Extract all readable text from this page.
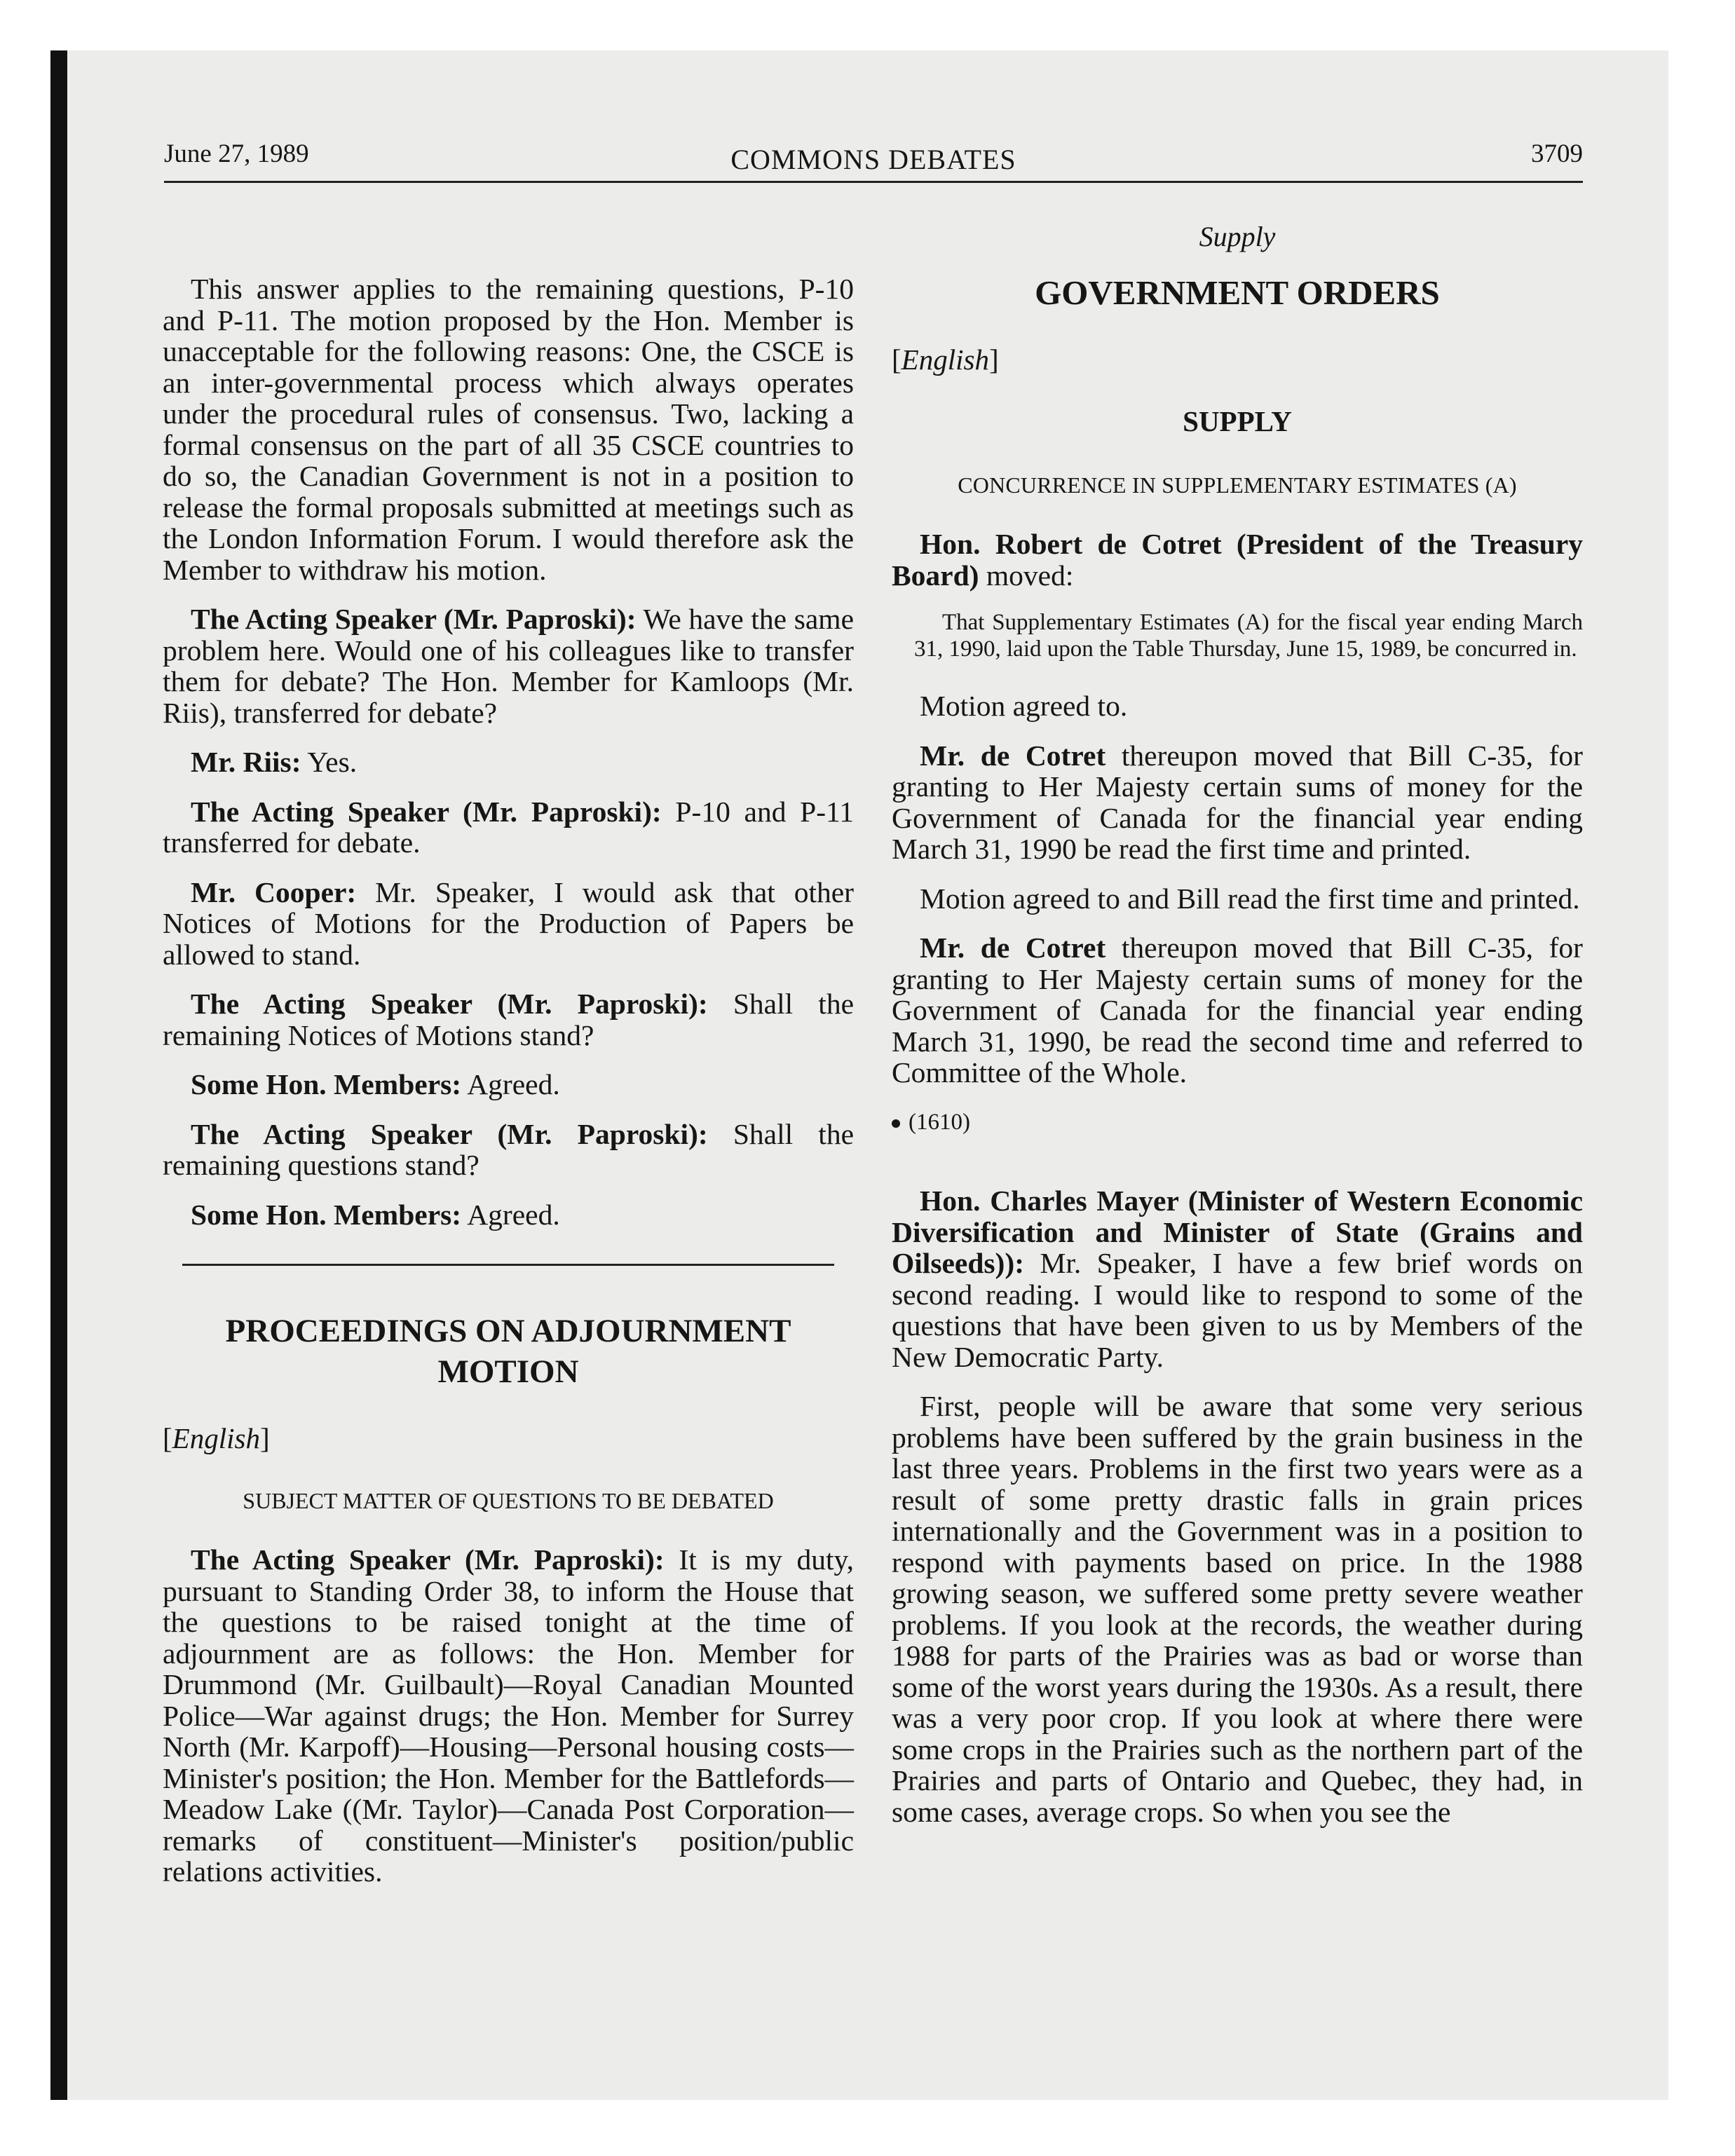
June 27, 1989	COMMONS DEBATES	3709

This answer applies to the remaining questions, P-10 and P-11. The motion proposed by the Hon. Member is unacceptable for the following reasons: One, the CSCE is an inter-governmental process which always operates under the procedural rules of consensus. Two, lacking a formal consensus on the part of all 35 CSCE countries to do so, the Canadian Government is not in a position to release the formal proposals submitted at meetings such as the London Information Forum. I would therefore ask the Member to withdraw his motion.

The Acting Speaker (Mr. Paproski): We have the same problem here. Would one of his colleagues like to transfer them for debate? The Hon. Member for Kamloops (Mr. Riis), transferred for debate?

Mr. Riis: Yes.

The Acting Speaker (Mr. Paproski): P-10 and P-11 transferred for debate.

Mr. Cooper: Mr. Speaker, I would ask that other Notices of Motions for the Production of Papers be allowed to stand.

The Acting Speaker (Mr. Paproski): Shall the remaining Notices of Motions stand?

Some Hon. Members: Agreed.

The Acting Speaker (Mr. Paproski): Shall the remaining questions stand?

Some Hon. Members: Agreed.

PROCEEDINGS ON ADJOURNMENT MOTION
[English]
SUBJECT MATTER OF QUESTIONS TO BE DEBATED

The Acting Speaker (Mr. Paproski): It is my duty, pursuant to Standing Order 38, to inform the House that the questions to be raised tonight at the time of adjournment are as follows: the Hon. Member for Drummond (Mr. Guilbault)—Royal Canadian Mounted Police—War against drugs; the Hon. Member for Surrey North (Mr. Karpoff)—Housing—Personal housing costs—Minister's position; the Hon. Member for the Battlefords—Meadow Lake ((Mr. Taylor)—Canada Post Corporation—remarks of constituent—Minister's position/public relations activities.

Supply
GOVERNMENT ORDERS
[English]
SUPPLY
CONCURRENCE IN SUPPLEMENTARY ESTIMATES (A)

Hon. Robert de Cotret (President of the Treasury Board) moved:

That Supplementary Estimates (A) for the fiscal year ending March 31, 1990, laid upon the Table Thursday, June 15, 1989, be concurred in.

Motion agreed to.

Mr. de Cotret thereupon moved that Bill C-35, for granting to Her Majesty certain sums of money for the Government of Canada for the financial year ending March 31, 1990 be read the first time and printed.

Motion agreed to and Bill read the first time and printed.

Mr. de Cotret thereupon moved that Bill C-35, for granting to Her Majesty certain sums of money for the Government of Canada for the financial year ending March 31, 1990, be read the second time and referred to Committee of the Whole.

(1610)

Hon. Charles Mayer (Minister of Western Economic Diversification and Minister of State (Grains and Oilseeds)): Mr. Speaker, I have a few brief words on second reading. I would like to respond to some of the questions that have been given to us by Members of the New Democratic Party.

First, people will be aware that some very serious problems have been suffered by the grain business in the last three years. Problems in the first two years were as a result of some pretty drastic falls in grain prices internationally and the Government was in a position to respond with payments based on price. In the 1988 growing season, we suffered some pretty severe weather problems. If you look at the records, the weather during 1988 for parts of the Prairies was as bad or worse than some of the worst years during the 1930s. As a result, there was a very poor crop. If you look at where there were some crops in the Prairies such as the northern part of the Prairies and parts of Ontario and Quebec, they had, in some cases, average crops. So when you see the
